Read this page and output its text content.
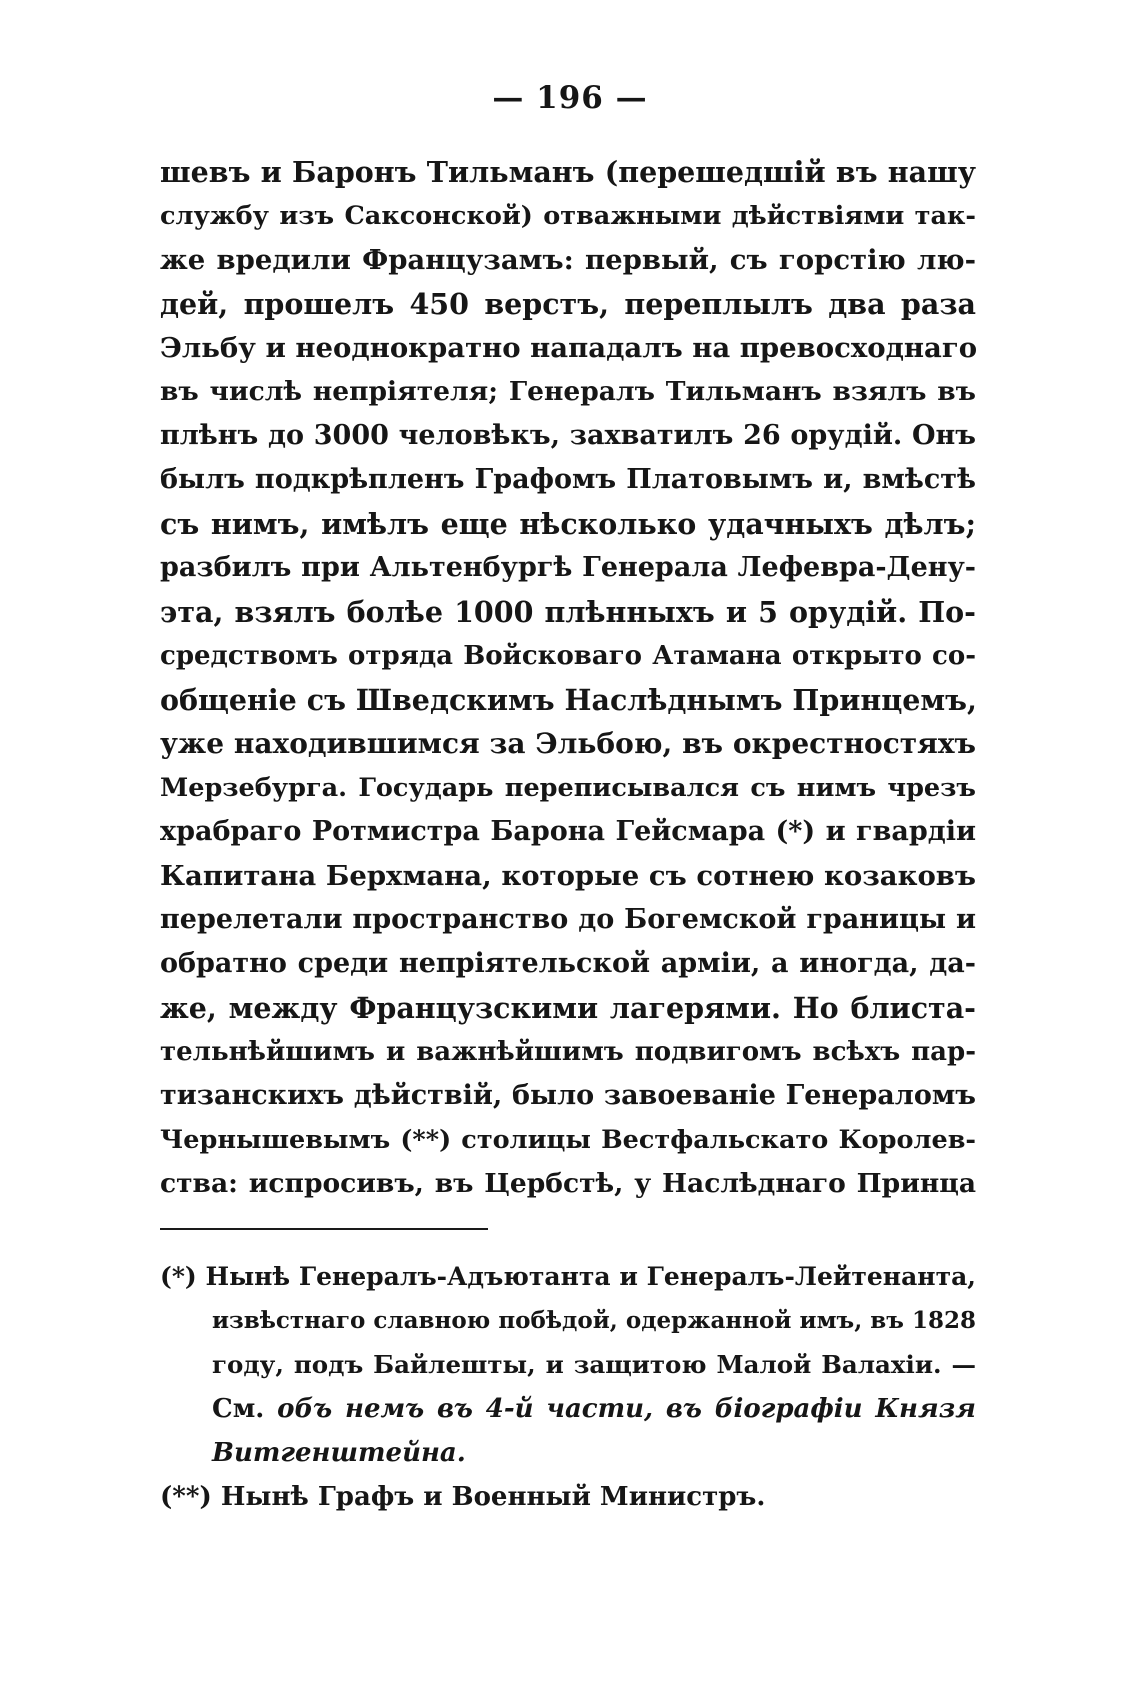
— 196 —
шевъ и Баронъ Тильманъ (перешедшій въ нашу
службу изъ Саксонской) отважными дѣйствіями так-
же вредили Французамъ: первый, съ горстію лю-
дей, прошелъ 450 верстъ, переплылъ два раза
Эльбу и неоднократно нападалъ на превосходнаго
въ числѣ непріятеля; Генералъ Тильманъ взялъ въ
плѣнъ до 3000 человѣкъ, захватилъ 26 орудій. Онъ
былъ подкрѣпленъ Графомъ Платовымъ и, вмѣстѣ
съ нимъ, имѣлъ еще нѣсколько удачныхъ дѣлъ;
разбилъ при Альтенбургѣ Генерала Лефевра-Дену-
эта, взялъ болѣе 1000 плѣнныхъ и 5 орудій. По-
средствомъ отряда Войсковаго Атамана открыто со-
общеніе съ Шведскимъ Наслѣднымъ Принцемъ,
уже находившимся за Эльбою, въ окрестностяхъ
Мерзебурга. Государь переписывался съ нимъ чрезъ
храбраго Ротмистра Барона Гейсмара (*) и гвардіи
Капитана Берхмана, которые съ сотнею козаковъ
перелетали пространство до Богемской границы и
обратно среди непріятельской арміи, а иногда, да-
же, между Французскими лагерями. Но блиста-
тельнѣйшимъ и важнѣйшимъ подвигомъ всѣхъ пар-
тизанскихъ дѣйствій, было завоеваніе Генераломъ
Чернышевымъ (**) столицы Вестфальскато Королев-
ства: испросивъ, въ Цербстѣ, у Наслѣднаго Принца
(*) Нынѣ Генералъ-Адъютанта и Генералъ-Лейтенанта,
извѣстнаго славною побѣдой, одержанной имъ, въ 1828
году, подъ Байлешты, и защитою Малой Валахіи. —
См. объ немъ въ 4-й части, въ біографіи Князя
Витгенштейна.
(**) Нынѣ Графъ и Военный Министръ.
